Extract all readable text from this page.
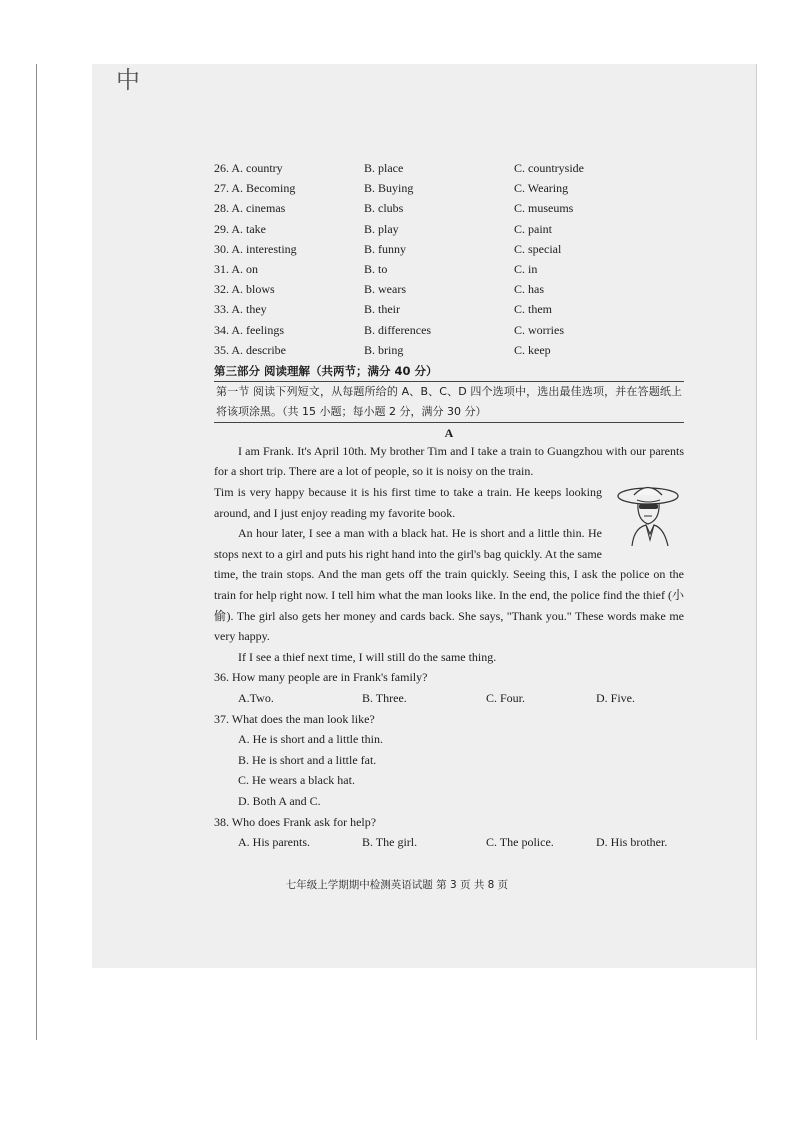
中
26. A. country	B. place	C. countryside
27. A. Becoming	B. Buying	C. Wearing
28. A. cinemas	B. clubs	C. museums
29. A. take	B. play	C. paint
30. A. interesting	B. funny	C. special
31. A. on	B. to	C. in
32. A. blows	B. wears	C. has
33. A. they	B. their	C. them
34. A. feelings	B. differences	C. worries
35. A. describe	B. bring	C. keep
第三部分 阅读理解（共两节；满分 40 分）
第一节 阅读下列短文，从每题所给的 A、B、C、D 四个选项中，选出最佳选项，并在答题纸上将该项涂黑。（共 15 小题；每小题 2 分，满分 30 分）
A

I am Frank. It's April 10th. My brother Tim and I take a train to Guangzhou with our parents for a short trip. There are a lot of people, so it is noisy on the train.

Tim is very happy because it is his first time to take a train. He keeps looking around, and I just enjoy reading my favorite book.

An hour later, I see a man with a black hat. He is short and a little thin. He stops next to a girl and puts his right hand into the girl's bag quickly. At the same time, the train stops. And the man gets off the train quickly. Seeing this, I ask the police on the train for help right now. I tell him what the man looks like. In the end, the police find the thief (小偷). The girl also gets her money and cards back. She says, "Thank you." These words make me very happy.

If I see a thief next time, I will still do the same thing.

36. How many people are in Frank's family?
A.Two.	B. Three.	C. Four.	D. Five.
37. What does the man look like?
A. He is short and a little thin.
B. He is short and a little fat.
C. He wears a black hat.
D. Both A and C.
38. Who does Frank ask for help?
A. His parents.	B. The girl.	C. The police.	D. His brother.
七年级上学期期中检测英语试题 第 3 页 共 8 页
